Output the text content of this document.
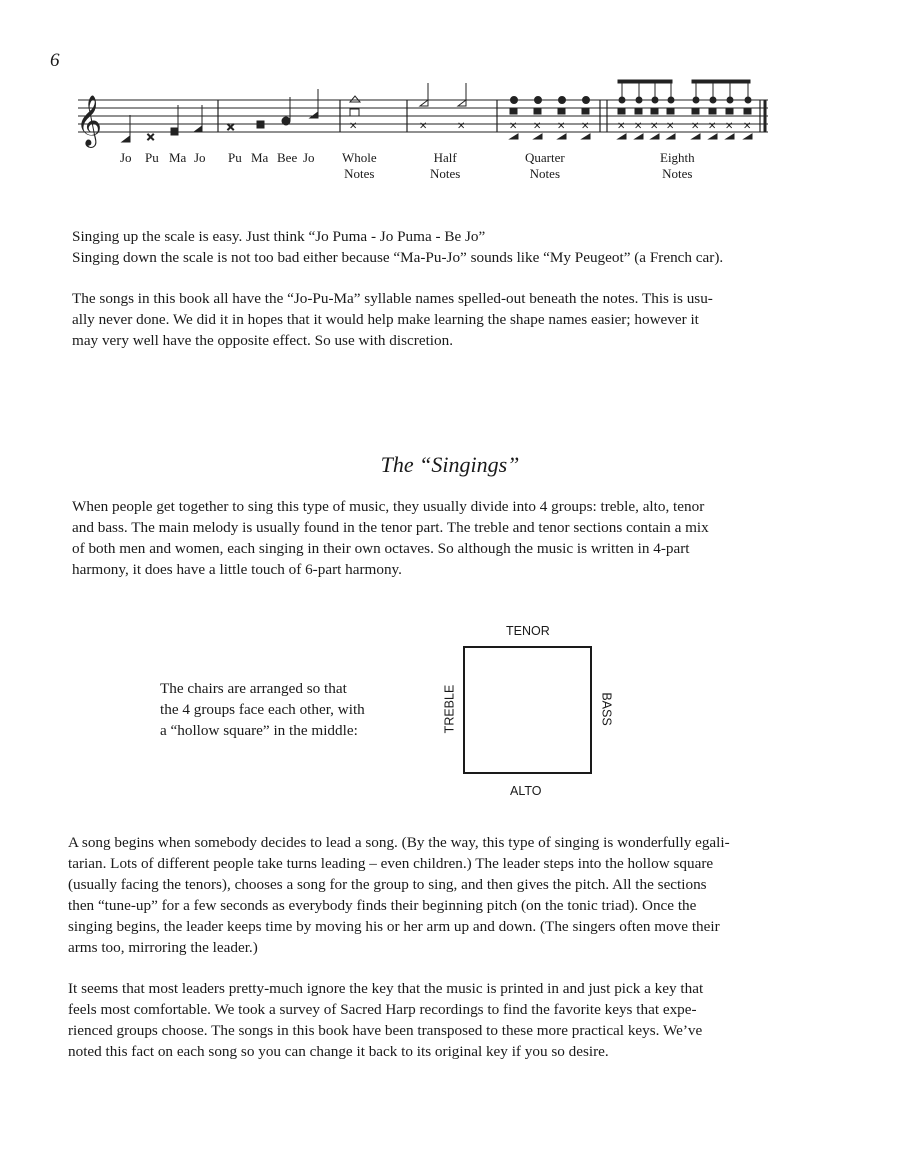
6
𝄞	✕
✕	✕	✕	✕	✕ ✕ ✕ ✕	✕ ✕ ✕ ✕ ✕ ✕ ✕ ✕
Jo Pu Ma Jo Pu Ma Bee Jo Whole
Notes
Half
Notes
Quarter
Notes
Eighth
Notes
Singing up the scale is easy. Just think “Jo Puma - Jo Puma - Be Jo”
Singing down the scale is not too bad either because “Ma-Pu-Jo” sounds like “My Peugeot” (a French car).
The songs in this book all have the “Jo-Pu-Ma” syllable names spelled-out beneath the notes. This is usu-
ally never done. We did it in hopes that it would help make learning the shape names easier; however it
may very well have the opposite effect. So use with discretion.
The “Singings”
When people get together to sing this type of music, they usually divide into 4 groups: treble, alto, tenor
and bass. The main melody is usually found in the tenor part. The treble and tenor sections contain a mix
of both men and women, each singing in their own octaves. So although the music is written in 4-part
harmony, it does have a little touch of 6-part harmony.
The chairs are arranged so that
the 4 groups face each other, with
a “hollow square” in the middle:
TENOR
TREBLE	BASS
ALTO
A song begins when somebody decides to lead a song. (By the way, this type of singing is wonderfully egali-
tarian. Lots of different people take turns leading – even children.) The leader steps into the hollow square
(usually facing the tenors), chooses a song for the group to sing, and then gives the pitch. All the sections
then “tune-up” for a few seconds as everybody finds their beginning pitch (on the tonic triad). Once the
singing begins, the leader keeps time by moving his or her arm up and down. (The singers often move their
arms too, mirroring the leader.)
It seems that most leaders pretty-much ignore the key that the music is printed in and just pick a key that
feels most comfortable. We took a survey of Sacred Harp recordings to find the favorite keys that expe-
rienced groups choose. The songs in this book have been transposed to these more practical keys. We’ve
noted this fact on each song so you can change it back to its original key if you so desire.
